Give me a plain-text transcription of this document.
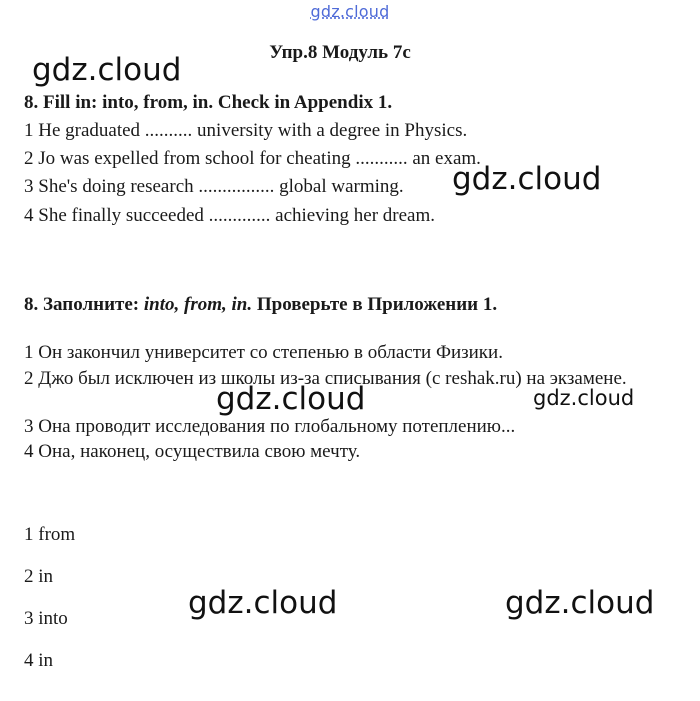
gdz.cloud
Упр.8 Модуль 7с
gdz.cloud
8. Fill in: into, from, in. Check in Appendix 1.
1 He graduated .......... university with a degree in Physics.
2 Jo was expelled from school for cheating ........... an exam.
3 She's doing research ................ global warming.
4 She finally succeeded ............. achieving her dream.
gdz.cloud
8. Заполните: into, from, in. Проверьте в Приложении 1.
1 Он закончил университет со степенью в области Физики.
2 Джо был исключен из школы из-за списывания (с reshak.ru) на экзамене.
3 Она проводит исследования по глобальному потеплению...
4 Она, наконец, осуществила свою мечту.
gdz.cloud	gdz.cloud
1 from
2 in
3 into
4 in
gdz.cloud	gdz.cloud
